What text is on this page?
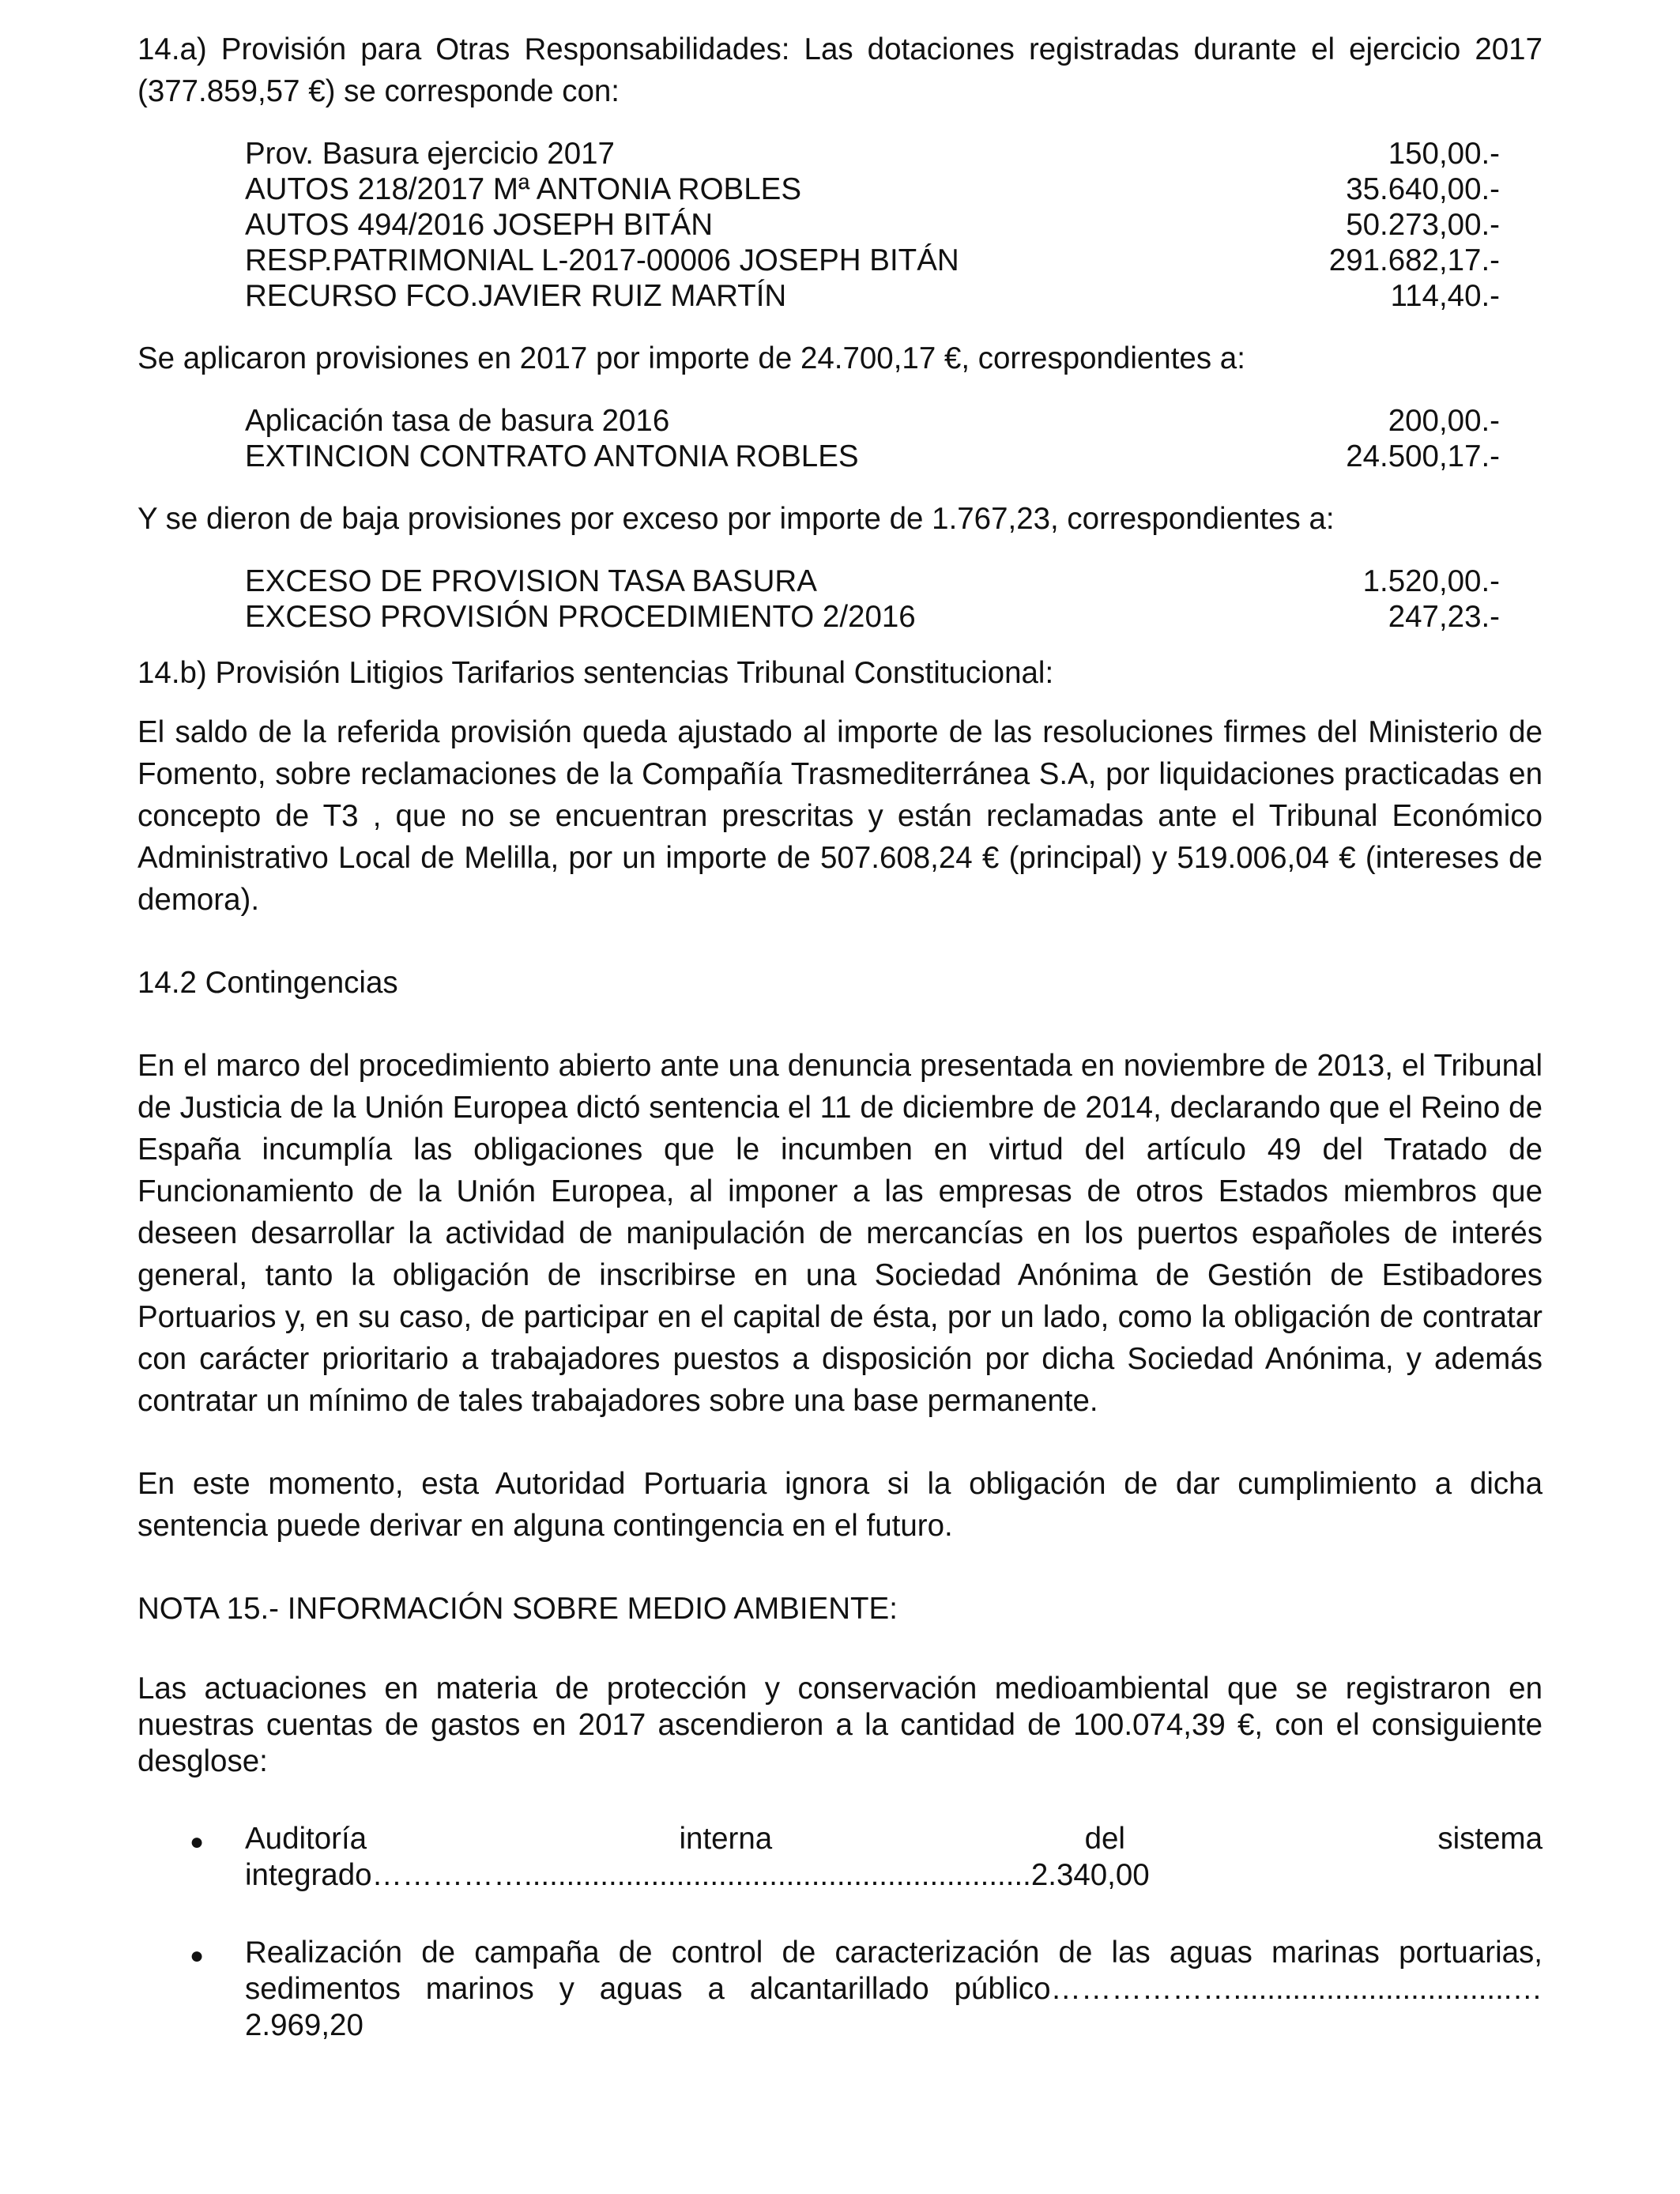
14.a) Provisión para Otras Responsabilidades: Las dotaciones registradas durante el ejercicio 2017 (377.859,57 €) se corresponde con:

Prov. Basura ejercicio 2017	150,00.-
AUTOS 218/2017 Mª ANTONIA ROBLES	35.640,00.-
AUTOS 494/2016 JOSEPH BITÁN	50.273,00.-
RESP.PATRIMONIAL L-2017-00006 JOSEPH BITÁN	291.682,17.-
RECURSO FCO.JAVIER RUIZ MARTÍN	114,40.-

Se aplicaron provisiones en 2017 por importe de 24.700,17 €, correspondientes a:

Aplicación tasa de basura 2016	200,00.-
EXTINCION CONTRATO ANTONIA ROBLES	24.500,17.-

Y se dieron de baja provisiones por exceso por importe de 1.767,23, correspondientes a:

EXCESO DE PROVISION TASA BASURA	1.520,00.-
EXCESO PROVISIÓN PROCEDIMIENTO 2/2016	247,23.-

14.b) Provisión Litigios Tarifarios sentencias Tribunal Constitucional:

El saldo de la referida provisión queda ajustado al importe de las resoluciones firmes del Ministerio de Fomento, sobre reclamaciones de la Compañía Trasmediterránea S.A, por liquidaciones practicadas en concepto de T3 , que no se encuentran prescritas y están reclamadas ante el Tribunal Económico Administrativo Local de Melilla, por un importe de 507.608,24 € (principal) y 519.006,04 € (intereses de demora).

14.2 Contingencias

En el marco del procedimiento abierto ante una denuncia presentada en noviembre de 2013, el Tribunal de Justicia de la Unión Europea dictó sentencia el 11 de diciembre de 2014, declarando que el Reino de España incumplía las obligaciones que le incumben en virtud del artículo 49 del Tratado de Funcionamiento de la Unión Europea, al imponer a las empresas de otros Estados miembros que deseen desarrollar la actividad de manipulación de mercancías en los puertos españoles de interés general, tanto la obligación de inscribirse en una Sociedad Anónima de Gestión de Estibadores Portuarios y, en su caso, de participar en el capital de ésta, por un lado, como la obligación de contratar con carácter prioritario a trabajadores puestos a disposición por dicha Sociedad Anónima, y además contratar un mínimo de tales trabajadores sobre una base permanente.

En este momento, esta Autoridad Portuaria ignora si la obligación de dar cumplimiento a dicha sentencia puede derivar en alguna contingencia en el futuro.

NOTA 15.- INFORMACIÓN SOBRE MEDIO AMBIENTE:

Las actuaciones en materia de protección y conservación medioambiental que se registraron en nuestras cuentas de gastos en 2017 ascendieron a la cantidad de 100.074,39 €, con el consiguiente desglose:

● Auditoría interna del sistema integrado……………............................................................2.340,00

● Realización de campaña de control de caracterización de las aguas marinas portuarias, sedimentos marinos y aguas a alcantarillado público……………….................................…2.969,20
